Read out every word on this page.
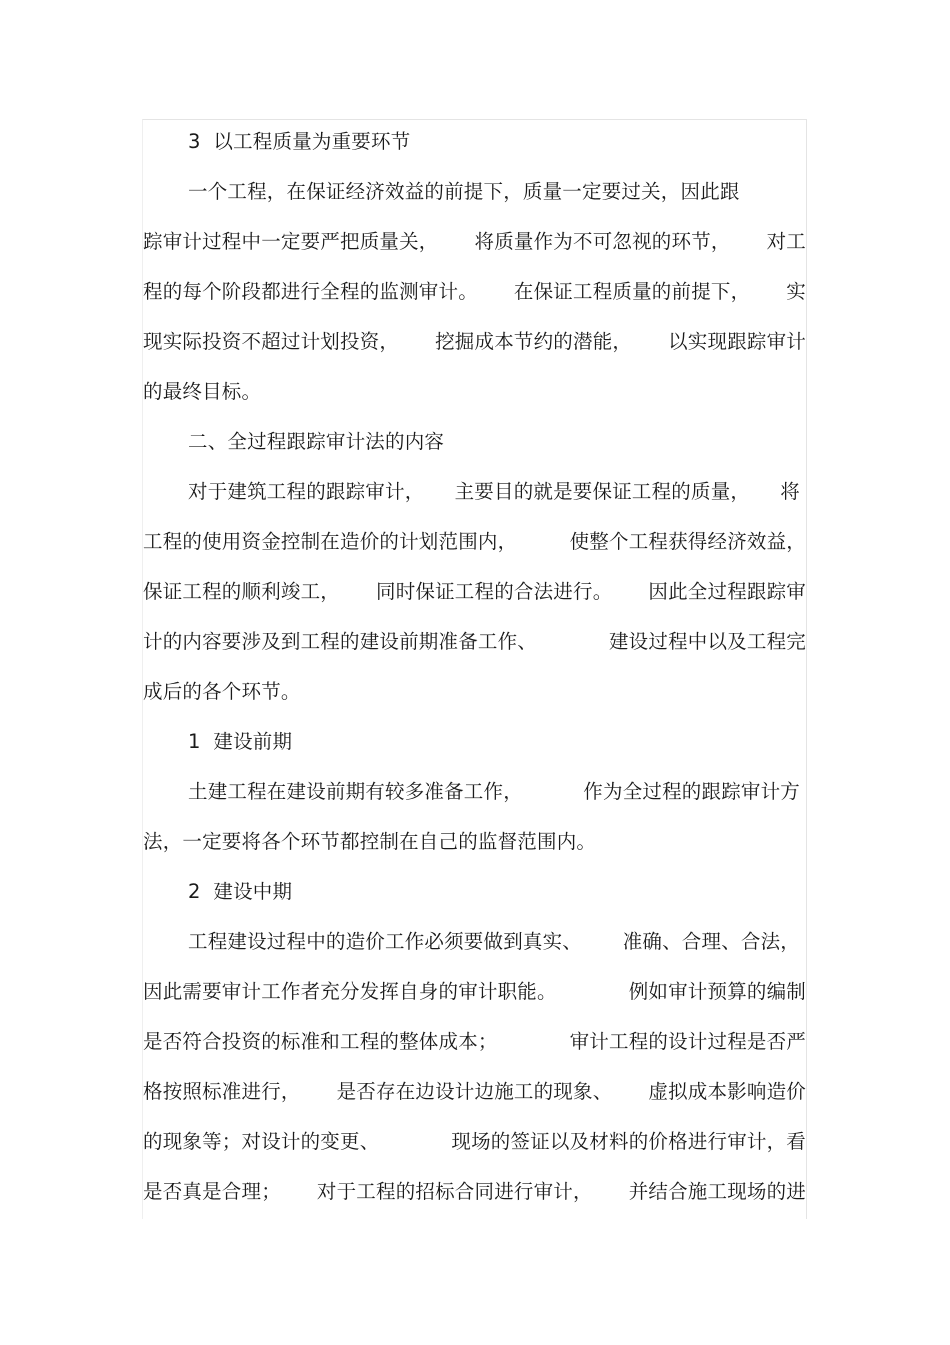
3  以工程质量为重要环节
一个工程，在保证经济效益的前提下，质量一定要过关，因此跟
踪审计过程中一定要严把质量关， 将质量作为不可忽视的环节， 对工
程的每个阶段都进行全程的监测审计。 在保证工程质量的前提下， 实
现实际投资不超过计划投资， 挖掘成本节约的潜能， 以实现跟踪审计
的最终目标。
二、全过程跟踪审计法的内容
对于建筑工程的跟踪审计， 主要目的就是要保证工程的质量， 将
工程的使用资金控制在造价的计划范围内，	使整个工程获得经济效益，
保证工程的顺利竣工， 同时保证工程的合法进行。 因此全过程跟踪审
计的内容要涉及到工程的建设前期准备工作、	建设过程中以及工程完
成后的各个环节。
1  建设前期
土建工程在建设前期有较多准备工作，	作为全过程的跟踪审计方
法，一定要将各个环节都控制在自己的监督范围内。
2  建设中期
工程建设过程中的造价工作必须要做到真实、 准确、合理、合法，
因此需要审计工作者充分发挥自身的审计职能。	例如审计预算的编制
是否符合投资的标准和工程的整体成本；	审计工程的设计过程是否严
格按照标准进行， 是否存在边设计边施工的现象、 虚拟成本影响造价
的现象等；对设计的变更、	现场的签证以及材料的价格进行审计，看
是否真是合理； 对于工程的招标合同进行审计， 并结合施工现场的进
